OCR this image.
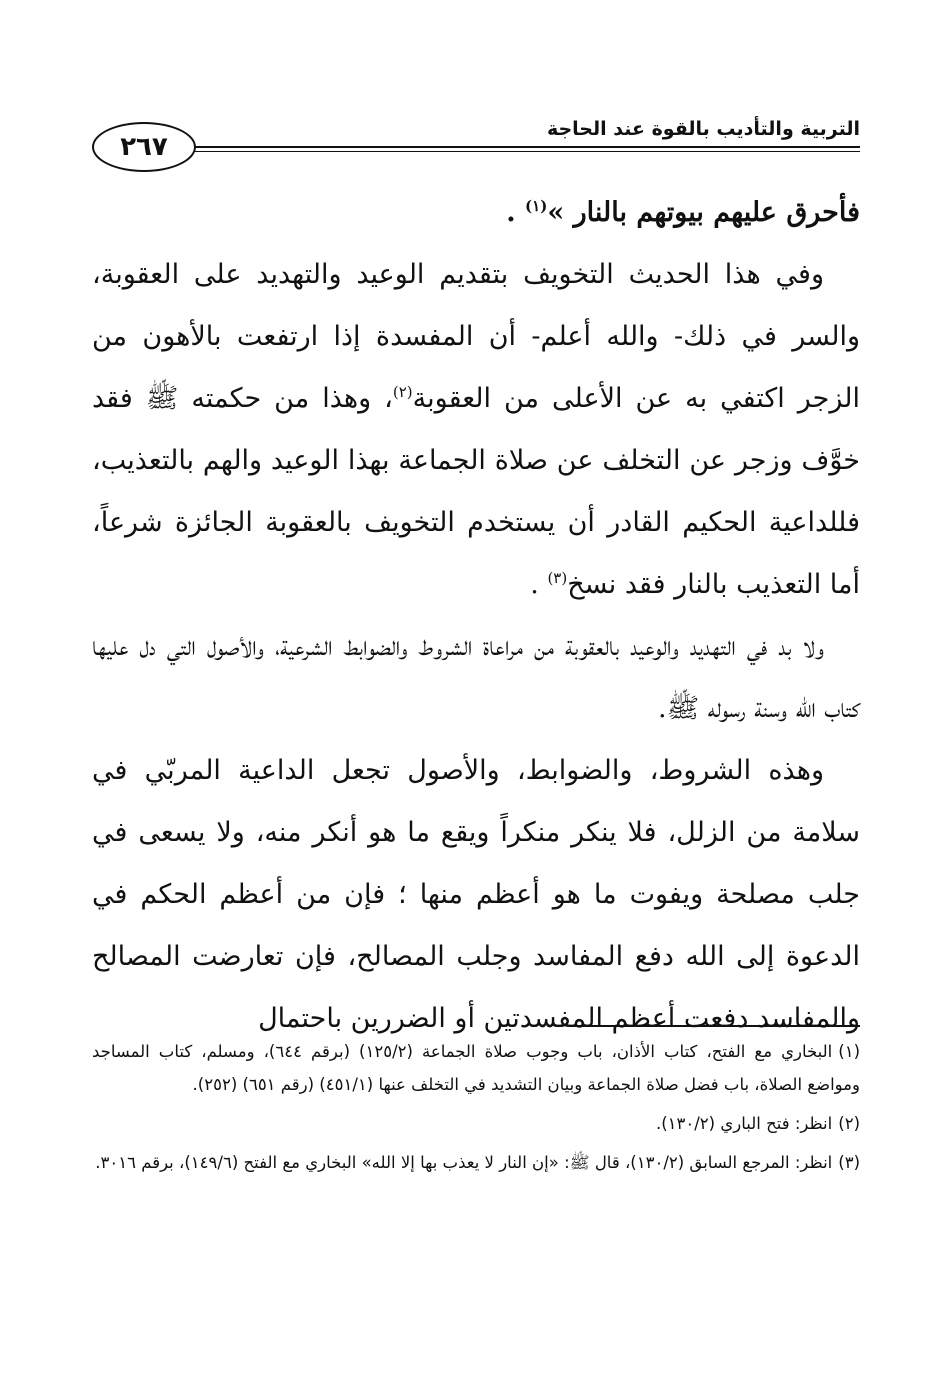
التربية والتأديب بالقوة عند الحاجة
٢٦٧

فأحرق عليهم بيوتهم بالنار »$^{(١)}$ .

وفي هذا الحديث التخويف بتقديم الوعيد والتهديد على العقوبة، والسر في ذلك- والله أعلم- أن المفسدة إذا ارتفعت بالأهون من الزجر اكتفي به عن الأعلى من العقوبة$^{(٢)}$، وهذا من حكمته ﷺ فقد خوَّف وزجر عن التخلف عن صلاة الجماعة بهذا الوعيد والهم بالتعذيب، فللداعية الحكيم القادر أن يستخدم التخويف بالعقوبة الجائزة شرعاً، أما التعذيب بالنار فقد نسخ$^{(٣)}$ .

ولا بد في التهديد والوعيد بالعقوبة من مراعاة الشروط والضوابط الشرعية، والأصول التي دل عليها كتاب الله وسنة رسوله ﷺ.

وهذه الشروط، والضوابط، والأصول تجعل الداعية المربّي في سلامة من الزلل، فلا ينكر منكراً ويقع ما هو أنكر منه، ولا يسعى في جلب مصلحة ويفوت ما هو أعظم منها ؛ فإن من أعظم الحكم في الدعوة إلى الله دفع المفاسد وجلب المصالح، فإن تعارضت المصالح والمفاسد دفعت أعظم المفسدتين أو الضررين باحتمال

(١)البخاري مع الفتح، كتاب الأذان، باب وجوب صلاة الجماعة (١٢٥/٢) (برقم ٦٤٤)، ومسلم، كتاب المساجد ومواضع الصلاة، باب فضل صلاة الجماعة وبيان التشديد في التخلف عنها (٤٥١/١) (رقم ٦٥١) (٢٥٢).

(٢)انظر: فتح الباري (١٣٠/٢).

(٣)انظر: المرجع السابق (١٣٠/٢)، قال ﷺ: «إن النار لا يعذب بها إلا الله» البخاري مع الفتح (١٤٩/٦)، برقم ٣٠١٦.
